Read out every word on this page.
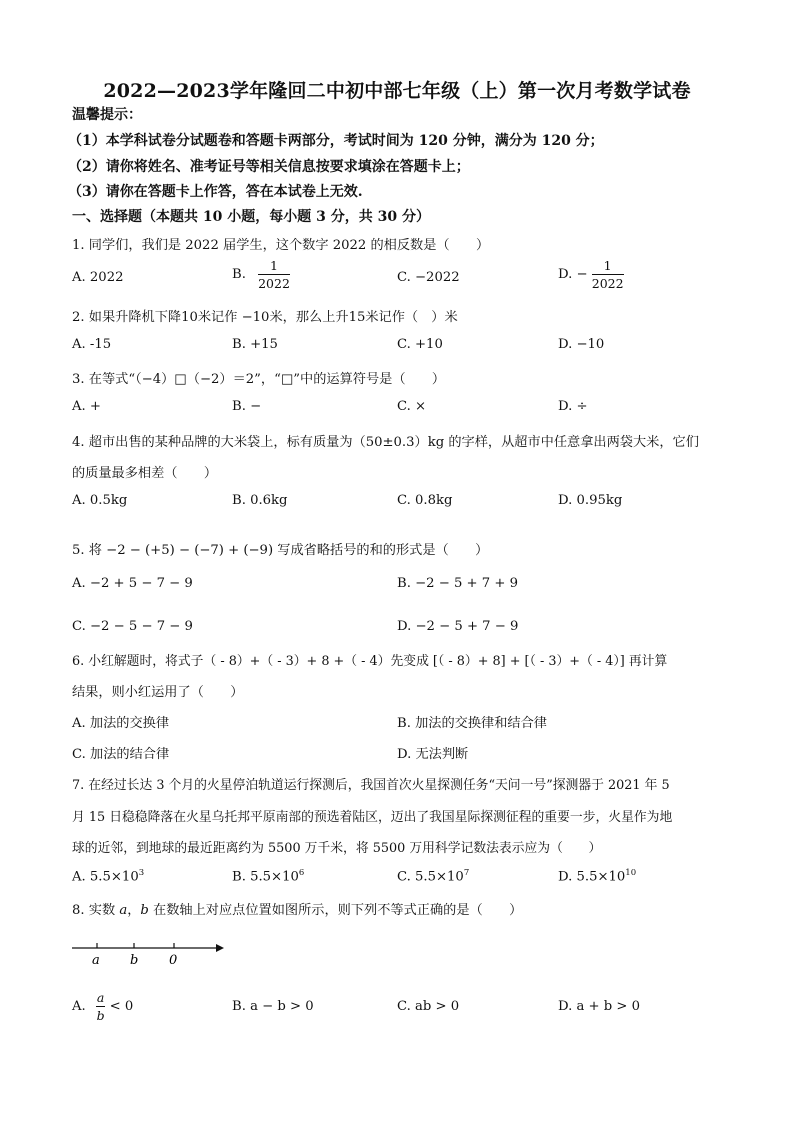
2022—2023学年隆回二中初中部七年级（上）第一次月考数学试卷
温馨提示：
（1）本学科试卷分试题卷和答题卡两部分，考试时间为 120 分钟，满分为 120 分；
（2）请你将姓名、准考证号等相关信息按要求填涂在答题卡上；
（3）请你在答题卡上作答，答在本试卷上无效.
一、选择题（本题共 10 小题，每小题 3 分，共 30 分）
1. 同学们，我们是 2022 届学生，这个数字 2022 的相反数是（　　）
A. 2022	B. $\frac{1}{2022}$	C. −2022	D. − $\frac{1}{2022}$
2. 如果升降机下降10米记作 −10米，那么上升15米记作（　）米
A. -15	B. +15	C. +10	D. −10
3. 在等式“（−4）□（−2）＝2”，“□”中的运算符号是（　　）
A. +	B. −	C. ×	D. ÷
4. 超市出售的某种品牌的大米袋上，标有质量为（50±0.3）kg 的字样，从超市中任意拿出两袋大米，它们
的质量最多相差（　　）
A. 0.5kg	B. 0.6kg	C. 0.8kg	D. 0.95kg
5. 将 −2 − (+5) − (−7) + (−9) 写成省略括号的和的形式是（　　）
A. −2 + 5 − 7 − 9	B. −2 − 5 + 7 + 9
C. −2 − 5 − 7 − 9	D. −2 − 5 + 7 − 9
6. 小红解题时，将式子（ - 8）+（ - 3）+ 8 +（ - 4）先变成 [（ - 8）+ 8] + [（ - 3）+（ - 4）] 再计算
结果，则小红运用了（　　）
A. 加法的交换律	B. 加法的交换律和结合律
C. 加法的结合律	D. 无法判断
7. 在经过长达 3 个月的火星停泊轨道运行探测后，我国首次火星探测任务“天问一号”探测器于 2021 年 5
月 15 日稳稳降落在火星乌托邦平原南部的预选着陆区，迈出了我国星际探测征程的重要一步，火星作为地
球的近邻，到地球的最近距离约为 5500 万千米，将 5500 万用科学记数法表示应为（　　）
A. $5.5\times 10^3$	B. $5.5\times 10^6$	C. $5.5\times 10^7$	D. $5.5\times 10^{10}$
8. 实数 a，b 在数轴上对应点位置如图所示，则下列不等式正确的是（　　）
a b 0
A. $\frac{a}{b} < 0$	B. a − b > 0	C. ab > 0	D. a + b > 0
